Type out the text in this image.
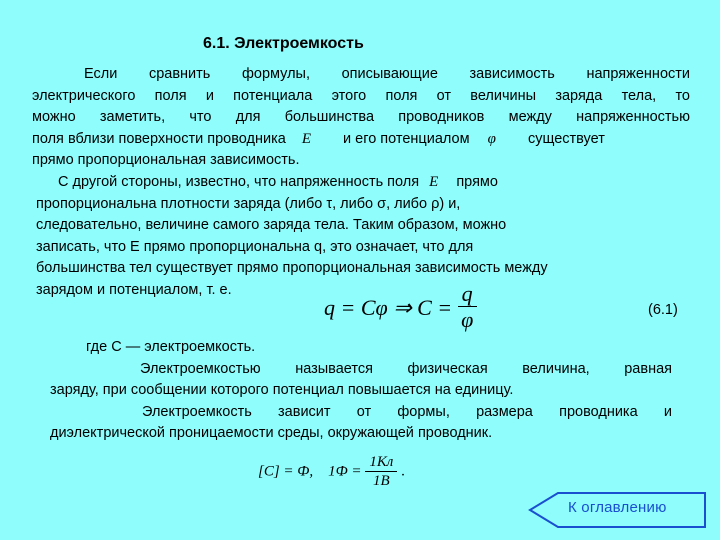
6.1. Электроемкость
Если сравнить формулы, описывающие зависимость напряженности
электрического поля и потенциала этого поля от величины заряда тела, то
можно заметить, что для большинства проводников между напряженностью
поля вблизи поверхности проводника E и его потенциалом φ существует
прямо пропорциональная зависимость.
С другой стороны, известно, что напряженность поля E прямо
пропорциональна плотности заряда (либо τ, либо σ, либо ρ) и,
следовательно, величине самого заряда тела. Таким образом, можно
записать, что Е прямо пропорциональна q, это означает, что для
большинства тел существует прямо пропорциональная зависимость между
зарядом и потенциалом, т. е.
q = Cφ ⇒ $C = \frac{q}{\varphi}$	(6.1)
где С — электроемкость.
Электроемкостью называется физическая величина, равная
заряду, при сообщении которого потенциал повышается на единицу.
Электроемкость зависит от формы, размера проводника и
диэлектрической проницаемости среды, окружающей проводник.
[C] = Ф,    $1Ф = \frac{1Кл}{1В}$ .
К оглавлению
